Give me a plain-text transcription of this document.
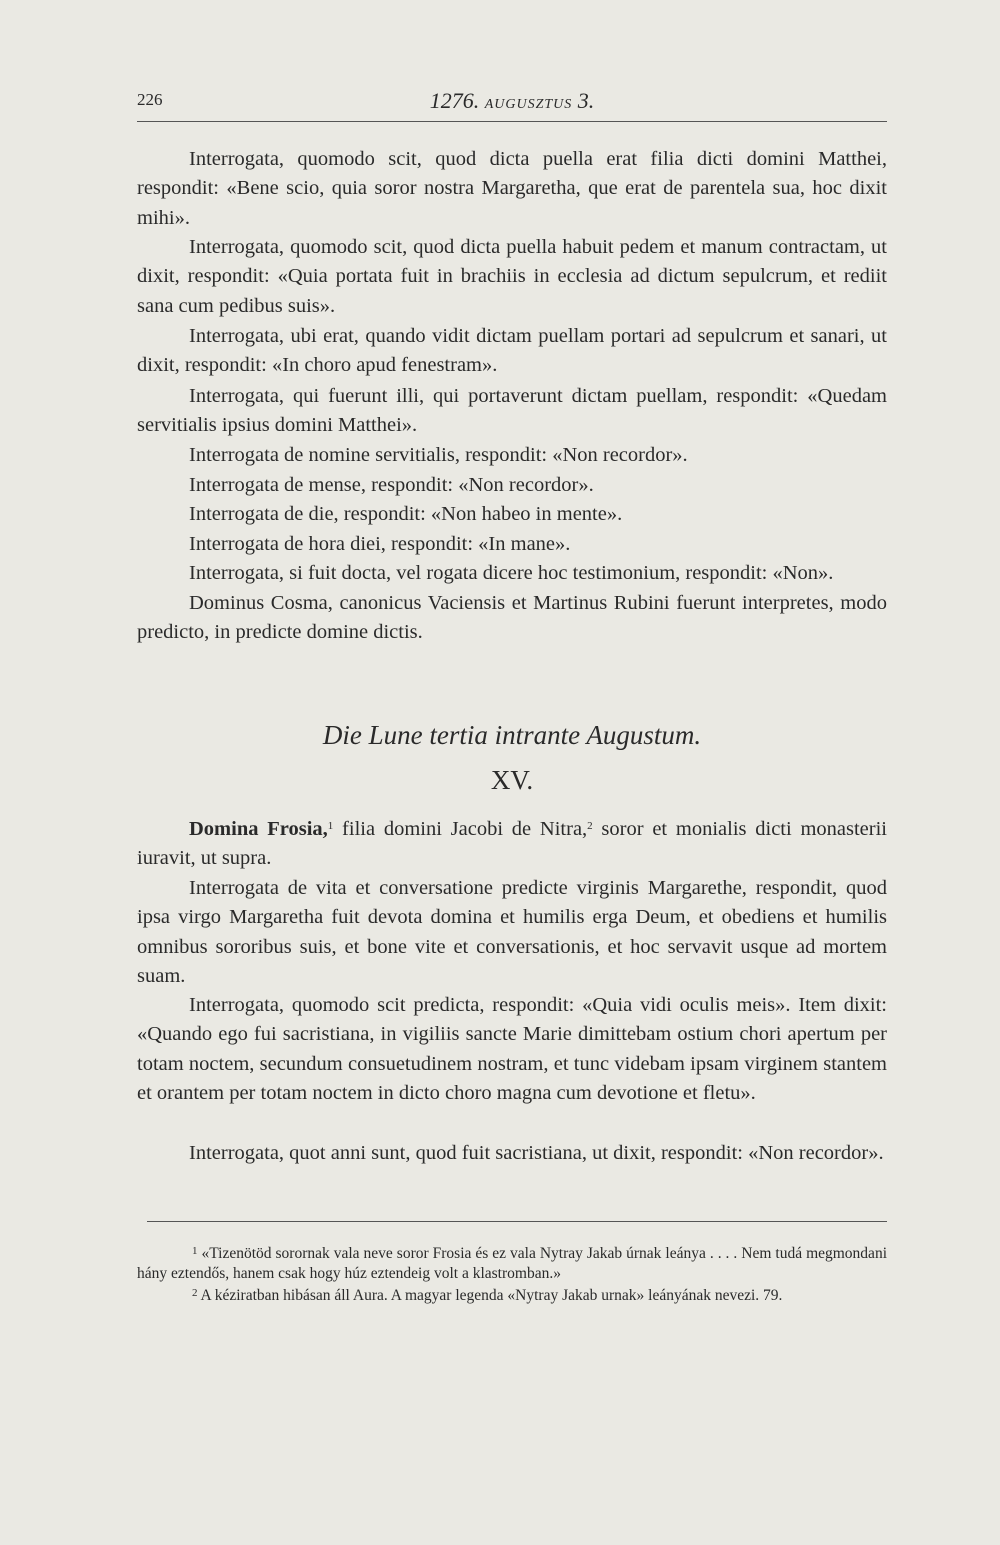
226	1276. AUGUSZTUS 3.

Interrogata, quomodo scit, quod dicta puella erat filia dicti domini Matthei, respondit: «Bene scio, quia soror nostra Margaretha, que erat de parentela sua, hoc dixit mihi».

Interrogata, quomodo scit, quod dicta puella habuit pedem et manum contractam, ut dixit, respondit: «Quia portata fuit in brachiis in ecclesia ad dictum sepulcrum, et rediit sana cum pedibus suis».

Interrogata, ubi erat, quando vidit dictam puellam portari ad sepulcrum et sanari, ut dixit, respondit: «In choro apud fenestram».

Interrogata, qui fuerunt illi, qui portaverunt dictam puellam, respondit: «Quedam servitialis ipsius domini Matthei».

Interrogata de nomine servitialis, respondit: «Non recordor».

Interrogata de mense, respondit: «Non recordor».

Interrogata de die, respondit: «Non habeo in mente».

Interrogata de hora diei, respondit: «In mane».

Interrogata, si fuit docta, vel rogata dicere hoc testimonium, respondit: «Non».

Dominus Cosma, canonicus Vaciensis et Martinus Rubini fuerunt interpretes, modo predicto, in predicte domine dictis.

Die Lune tertia intrante Augustum.
XV.

Domina Frosia,$^1$ filia domini Jacobi de Nitra,$^2$ soror et monialis dicti monasterii iuravit, ut supra.

Interrogata de vita et conversatione predicte virginis Margarethe, respondit, quod ipsa virgo Margaretha fuit devota domina et humilis erga Deum, et obediens et humilis omnibus sororibus suis, et bone vite et conversationis, et hoc servavit usque ad mortem suam.

Interrogata, quomodo scit predicta, respondit: «Quia vidi oculis meis». Item dixit: «Quando ego fui sacristiana, in vigiliis sancte Marie dimittebam ostium chori apertum per totam noctem, secundum consuetudinem nostram, et tunc videbam ipsam virginem stantem et orantem per totam noctem in dicto choro magna cum devotione et fletu».

Interrogata, quot anni sunt, quod fuit sacristiana, ut dixit, respondit: «Non recordor».

$^1$ «Tizenötöd sorornak vala neve soror Frosia és ez vala Nytray Jakab úrnak leánya . . . . Nem tudá megmondani hány eztendős, hanem csak hogy húz eztendeig volt a klastromban.»

$^2$ A kéziratban hibásan áll Aura. A magyar legenda «Nytray Jakab urnak» leányának nevezi. 79.
